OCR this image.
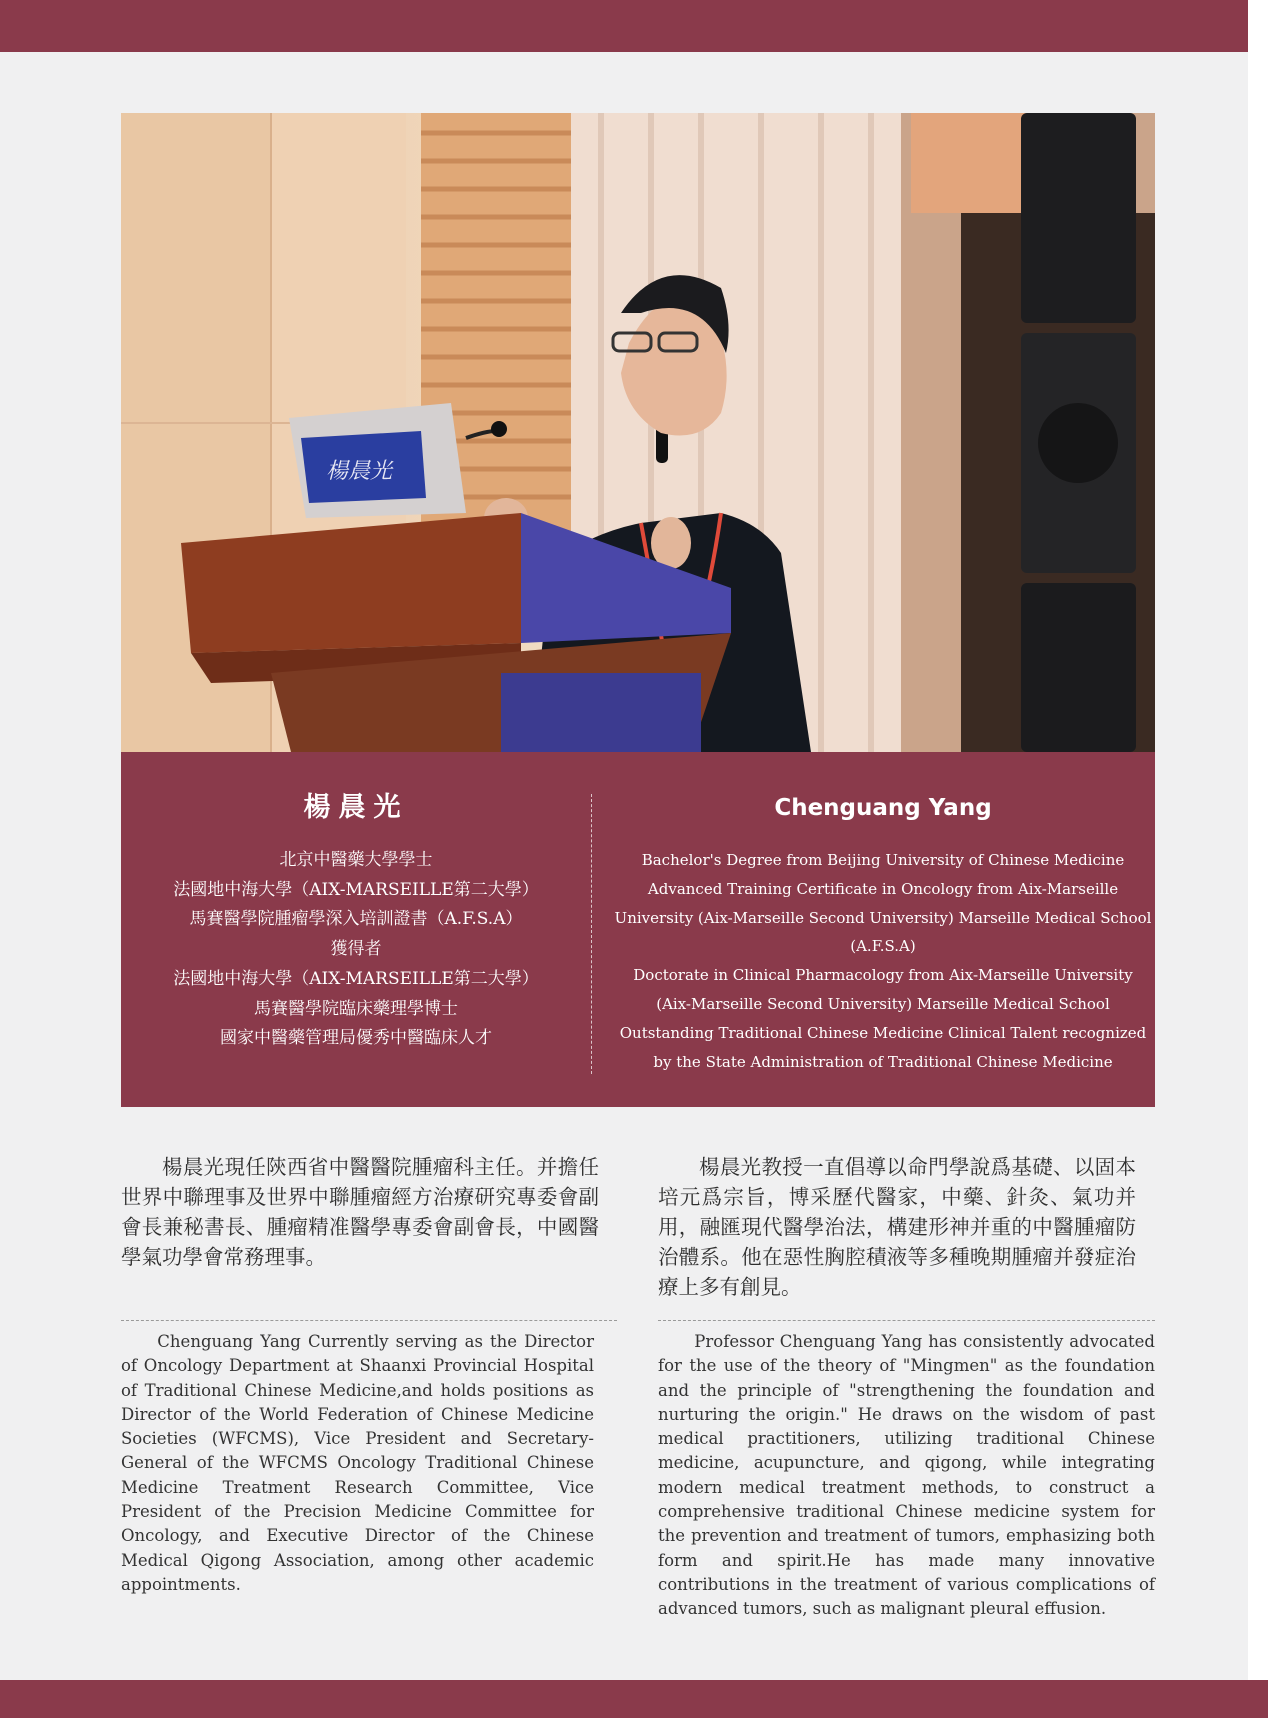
楊晨光
楊晨光
北京中醫藥大學學士
法國地中海大學（AIX-MARSEILLE第二大學）
馬賽醫學院腫瘤學深入培訓證書（A.F.S.A）
獲得者
法國地中海大學（AIX-MARSEILLE第二大學）
馬賽醫學院臨床藥理學博士
國家中醫藥管理局優秀中醫臨床人才
Chenguang Yang
Bachelor's Degree from Beijing University of Chinese Medicine
Advanced Training Certificate in Oncology from Aix-Marseille
University (Aix-Marseille Second University) Marseille Medical School
(A.F.S.A)
Doctorate in Clinical Pharmacology from Aix-Marseille University
(Aix-Marseille Second University) Marseille Medical School
Outstanding Traditional Chinese Medicine Clinical Talent recognized
by the State Administration of Traditional Chinese Medicine
楊晨光現任陝西省中醫醫院腫瘤科主任。并擔任世界中聯理事及世界中聯腫瘤經方治療研究專委會副會長兼秘書長、腫瘤精准醫學專委會副會長，中國醫學氣功學會常務理事。
楊晨光教授一直倡導以命門學說爲基礎、以固本培元爲宗旨，博采歷代醫家，中藥、針灸、氣功并用，融匯現代醫學治法，構建形神并重的中醫腫瘤防治體系。他在惡性胸腔積液等多種晚期腫瘤并發症治療上多有創見。
Chenguang Yang Currently serving as the Director of Oncology Department at Shaanxi Provincial Hospital of Traditional Chinese Medicine,and holds positions as Director of the World Federation of Chinese Medicine Societies (WFCMS), Vice President and Secretary-General of the WFCMS Oncology Traditional Chinese Medicine Treatment Research Committee, Vice President of the Precision Medicine Committee for Oncology, and Executive Director of the Chinese Medical Qigong Association, among other academic appointments.
Professor Chenguang Yang has consistently advocated for the use of the theory of "Mingmen" as the foundation and the principle of "strengthening the foundation and nurturing the origin." He draws on the wisdom of past medical practitioners, utilizing traditional Chinese medicine, acupuncture, and qigong, while integrating modern medical treatment methods, to construct a comprehensive traditional Chinese medicine system for the prevention and treatment of tumors, emphasizing both form and spirit.He has made many innovative contributions in the treatment of various complications of advanced tumors, such as malignant pleural effusion.
